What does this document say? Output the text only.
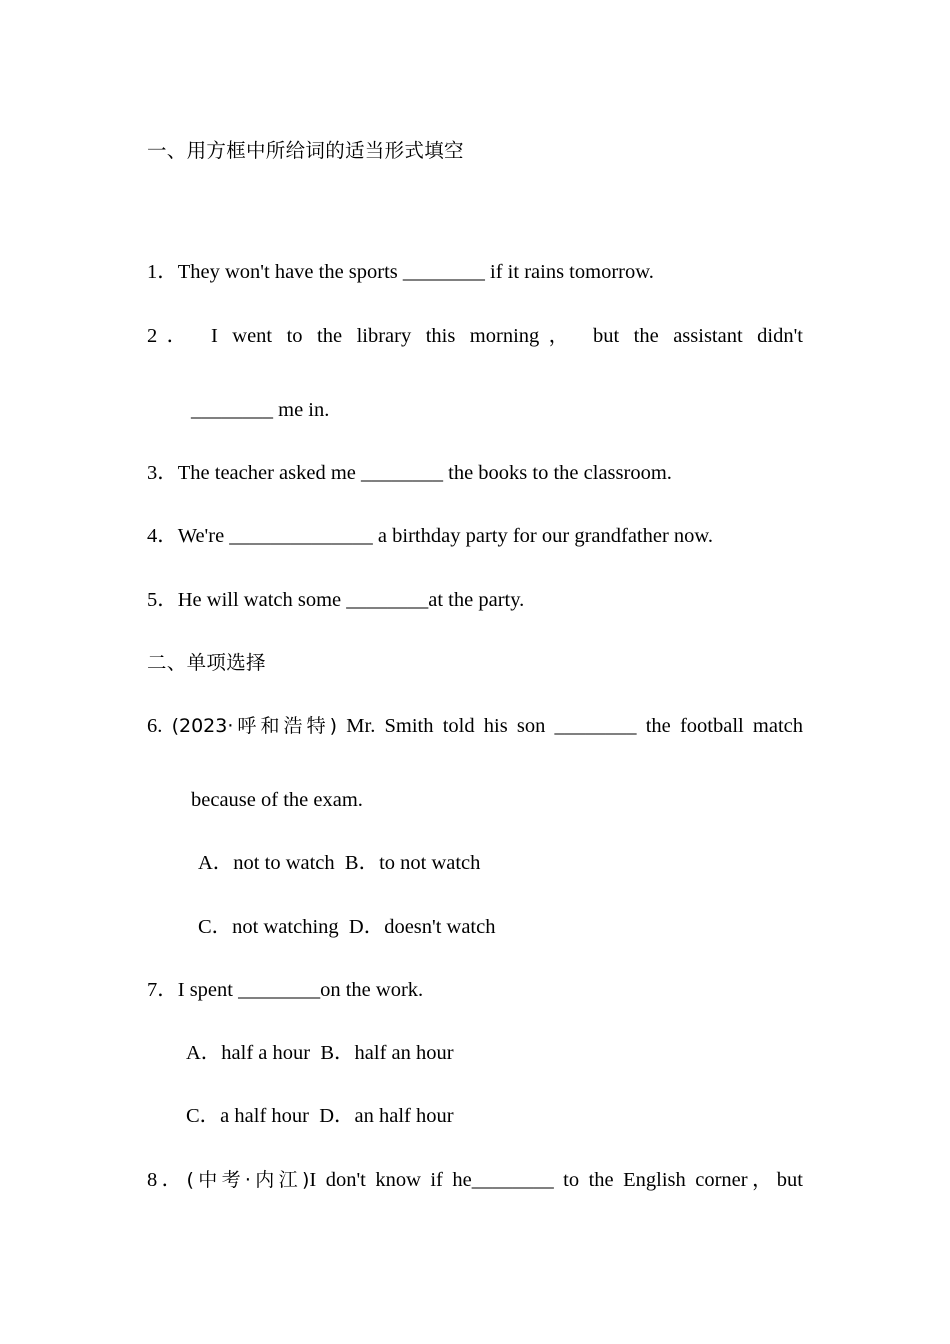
一、用方框中所给词的适当形式填空
1．They won't have the sports ________ if it rains tomorrow.
2． I went to the library this morning， but the assistant didn't
________ me in.
3．The teacher asked me ________ the books to the classroom.
4．We're ______________ a birthday party for our grandfather now.
5．He will watch some ________at the party.
二、单项选择
6. (2023·呼和浩特) Mr. Smith told his son ________ the football match
because of the exam.
A．not to watch  B．to not watch
C．not watching  D．doesn't watch
7．I spent ________on the work.
A．half a hour  B．half an hour
C．a half hour  D．an half hour
8．(中考·内江)I don't know if he________ to the English corner，but
